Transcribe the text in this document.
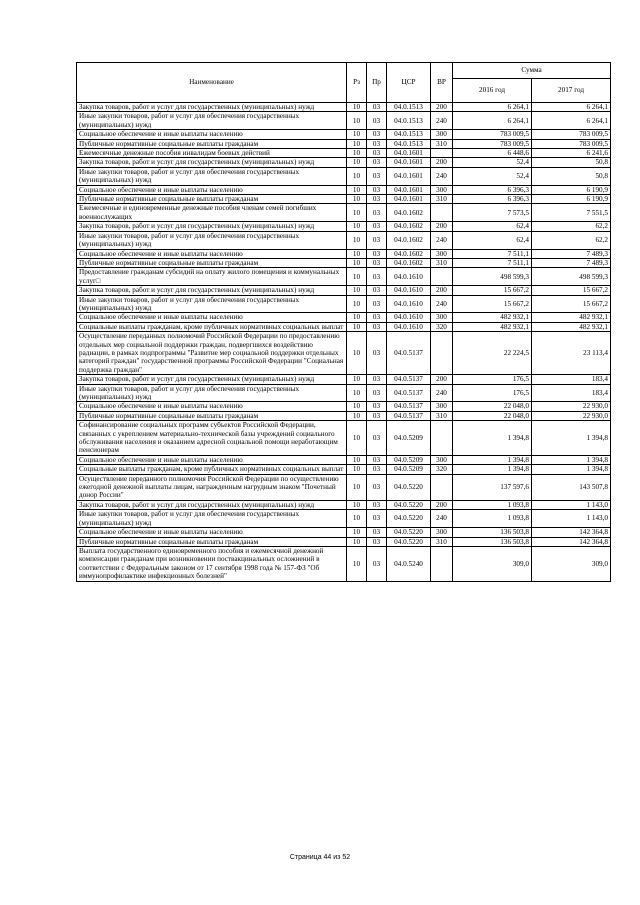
Наименование	Рз	Пр	ЦСР	ВР	Сумма	
					2016 год	2017 год
Закупка товаров, работ и услуг для государственных (муниципальных) нужд	10	03	04.0.1513	200	6 264,1	6 264,1
Иные закупки товаров, работ и услуг для обеспечения государственных (муниципальных) нужд	10	03	04.0.1513	240	6 264,1	6 264,1
Социальное обеспечение и иные выплаты населению	10	03	04.0.1513	300	783 009,5	783 009,5
Публичные нормативные социальные выплаты гражданам	10	03	04.0.1513	310	783 009,5	783 009,5
Ежемесячные денежные пособия инвалидам боевых действий	10	03	04.0.1601		6 448,6	6 241,6
Закупка товаров, работ и услуг для государственных (муниципальных) нужд	10	03	04.0.1601	200	52,4	50,8
Иные закупки товаров, работ и услуг для обеспечения государственных (муниципальных) нужд	10	03	04.0.1601	240	52,4	50,8
Социальное обеспечение и иные выплаты населению	10	03	04.0.1601	300	6 396,3	6 190,9
Публичные нормативные социальные выплаты гражданам	10	03	04.0.1601	310	6 396,3	6 190,9
Ежемесячные и единовременные денежные пособия членам семей погибших военнослужащих	10	03	04.0.1602		7 573,5	7 551,5
Закупка товаров, работ и услуг для государственных (муниципальных) нужд	10	03	04.0.1602	200	62,4	62,2
Иные закупки товаров, работ и услуг для обеспечения государственных (муниципальных) нужд	10	03	04.0.1602	240	62,4	62,2
Социальное обеспечение и иные выплаты населению	10	03	04.0.1602	300	7 511,1	7 489,3
Публичные нормативные социальные выплаты гражданам	10	03	04.0.1602	310	7 511,1	7 489,3
Предоставление гражданам субсидий на оплату жилого помещения и коммунальных услуг□	10	03	04.0.1610		498 599,3	498 599,3
Закупка товаров, работ и услуг для государственных (муниципальных) нужд	10	03	04.0.1610	200	15 667,2	15 667,2
Иные закупки товаров, работ и услуг для обеспечения государственных (муниципальных) нужд	10	03	04.0.1610	240	15 667,2	15 667,2
Социальное обеспечение и иные выплаты населению	10	03	04.0.1610	300	482 932,1	482 932,1
Социальные выплаты гражданам, кроме публичных нормативных социальных выплат	10	03	04.0.1610	320	482 932,1	482 932,1
Осуществление переданных полномочий Российской Федерации по предоставлению отдельных мер социальной поддержки граждан, подвергшихся воздействию радиации, в рамках подпрограммы "Развитие мер социальной поддержки отдельных категорий граждан" государственной программы Российской Федерации "Социальная поддержка граждан"	10	03	04.0.5137		22 224,5	23 113,4
Закупка товаров, работ и услуг для государственных (муниципальных) нужд	10	03	04.0.5137	200	176,5	183,4
Иные закупки товаров, работ и услуг для обеспечения государственных (муниципальных) нужд	10	03	04.0.5137	240	176,5	183,4
Социальное обеспечение и иные выплаты населению	10	03	04.0.5137	300	22 048,0	22 930,0
Публичные нормативные социальные выплаты гражданам	10	03	04.0.5137	310	22 048,0	22 930,0
Софинансирование социальных программ субъектов Российской Федерации, связанных с укреплением материально-технической базы учреждений социального обслуживания населения и оказанием адресной социальной помощи неработающим пенсионерам	10	03	04.0.5209		1 394,8	1 394,8
Социальное обеспечение и иные выплаты населению	10	03	04.0.5209	300	1 394,8	1 394,8
Социальные выплаты гражданам, кроме публичных нормативных социальных выплат	10	03	04.0.5209	320	1 394,8	1 394,8
Осуществление переданного полномочия Российской Федерации по осуществлению ежегодной денежной выплаты лицам, награжденным нагрудным знаком "Почетный донор России"	10	03	04.0.5220		137 597,6	143 507,8
Закупка товаров, работ и услуг для государственных (муниципальных) нужд	10	03	04.0.5220	200	1 093,8	1 143,0
Иные закупки товаров, работ и услуг для обеспечения государственных (муниципальных) нужд	10	03	04.0.5220	240	1 093,8	1 143,0
Социальное обеспечение и иные выплаты населению	10	03	04.0.5220	300	136 503,8	142 364,8
Публичные нормативные социальные выплаты гражданам	10	03	04.0.5220	310	136 503,8	142 364,8
Выплата государственного единовременного пособия и ежемесячной денежной компенсации гражданам при возникновении поствакцинальных осложнений в соответствии с Федеральным законом от 17 сентября 1998 года № 157-ФЗ "Об иммунопрофилактике инфекционных болезней"	10	03	04.0.5240		309,0	309,0
Страница 44 из 52
